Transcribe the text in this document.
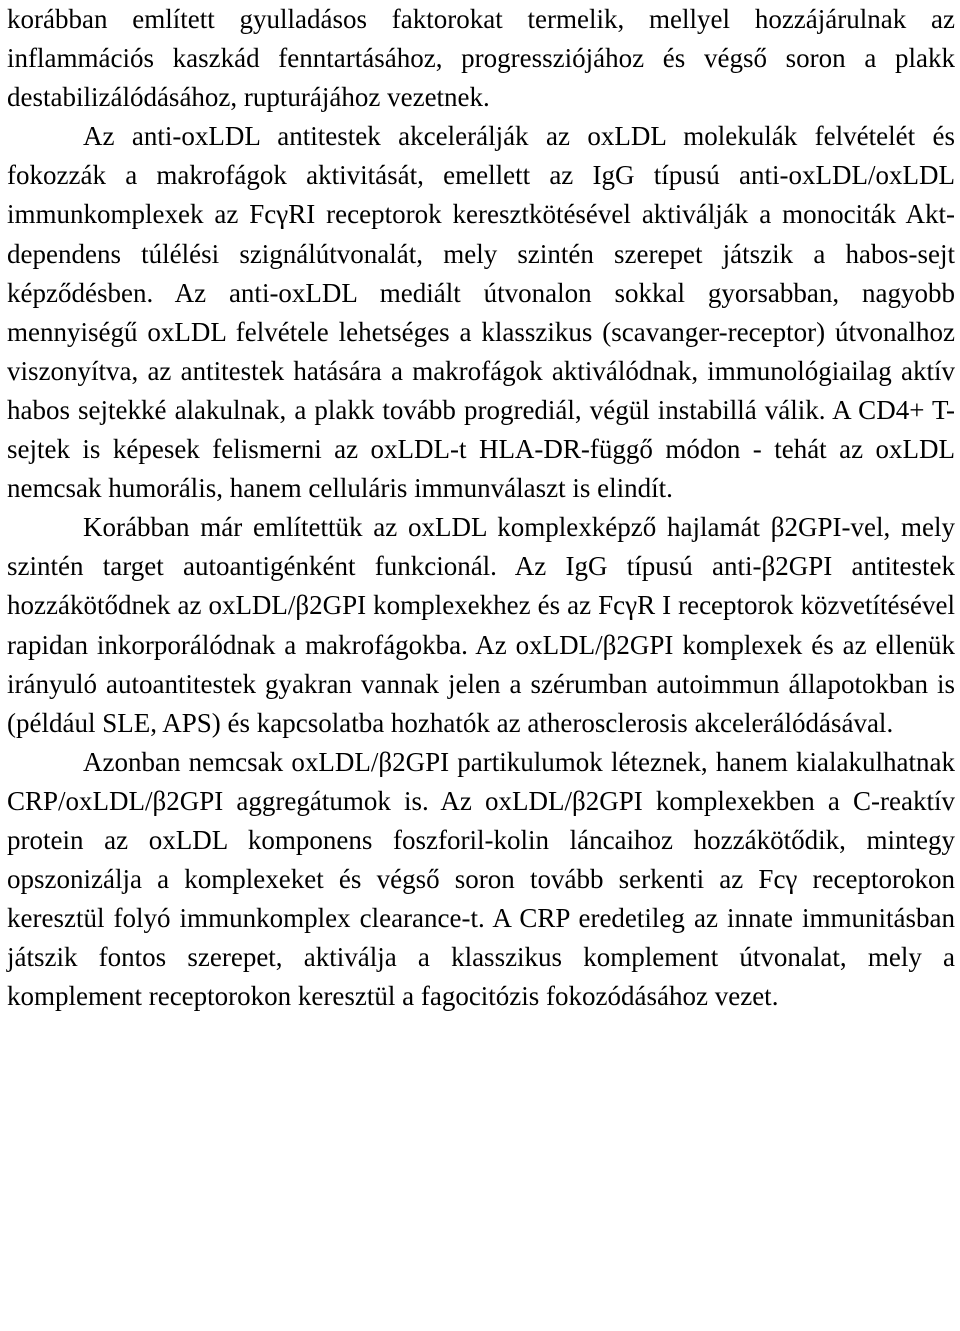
korábban említett gyulladásos faktorokat termelik, mellyel hozzájárulnak az inflammációs kaszkád fenntartásához, progressziójához és végső soron a plakk destabilizálódásához, rupturájához vezetnek.

Az anti-oxLDL antitestek akcelerálják az oxLDL molekulák felvételét és fokozzák a makrofágok aktivitását, emellett az IgG típusú anti-oxLDL/oxLDL immunkomplexek az FcγRI receptorok keresztkötésével aktiválják a monociták Akt-dependens túlélési szignálútvonalát, mely szintén szerepet játszik a habos-sejt képződésben. Az anti-oxLDL mediált útvonalon sokkal gyorsabban, nagyobb mennyiségű oxLDL felvétele lehetséges a klasszikus (scavanger-receptor) útvonalhoz viszonyítva, az antitestek hatására a makrofágok aktiválódnak, immunológiailag aktív habos sejtekké alakulnak, a plakk tovább progrediál, végül instabillá válik. A CD4+ T-sejtek is képesek felismerni az oxLDL-t HLA-DR-függő módon - tehát az oxLDL nemcsak humorális, hanem celluláris immunválaszt is elindít.

Korábban már említettük az oxLDL komplexképző hajlamát β2GPI-vel, mely szintén target autoantigénként funkcionál. Az IgG típusú anti-β2GPI antitestek hozzákötődnek az oxLDL/β2GPI komplexekhez és az FcγR I receptorok közvetítésével rapidan inkorporálódnak a makrofágokba. Az oxLDL/β2GPI komplexek és az ellenük irányuló autoantitestek gyakran vannak jelen a szérumban autoimmun állapotokban is (például SLE, APS) és kapcsolatba hozhatók az atherosclerosis akcelerálódásával.

Azonban nemcsak oxLDL/β2GPI partikulumok léteznek, hanem kialakulhatnak CRP/oxLDL/β2GPI aggregátumok is. Az oxLDL/β2GPI komplexekben a C-reaktív protein az oxLDL komponens foszforil-kolin láncaihoz hozzákötődik, mintegy opszonizálja a komplexeket és végső soron tovább serkenti az Fcγ receptorokon keresztül folyó immunkomplex clearance-t. A CRP eredetileg az innate immunitásban játszik fontos szerepet, aktiválja a klasszikus komplement útvonalat, mely a komplement receptorokon keresztül a fagocitózis fokozódásához vezet.
